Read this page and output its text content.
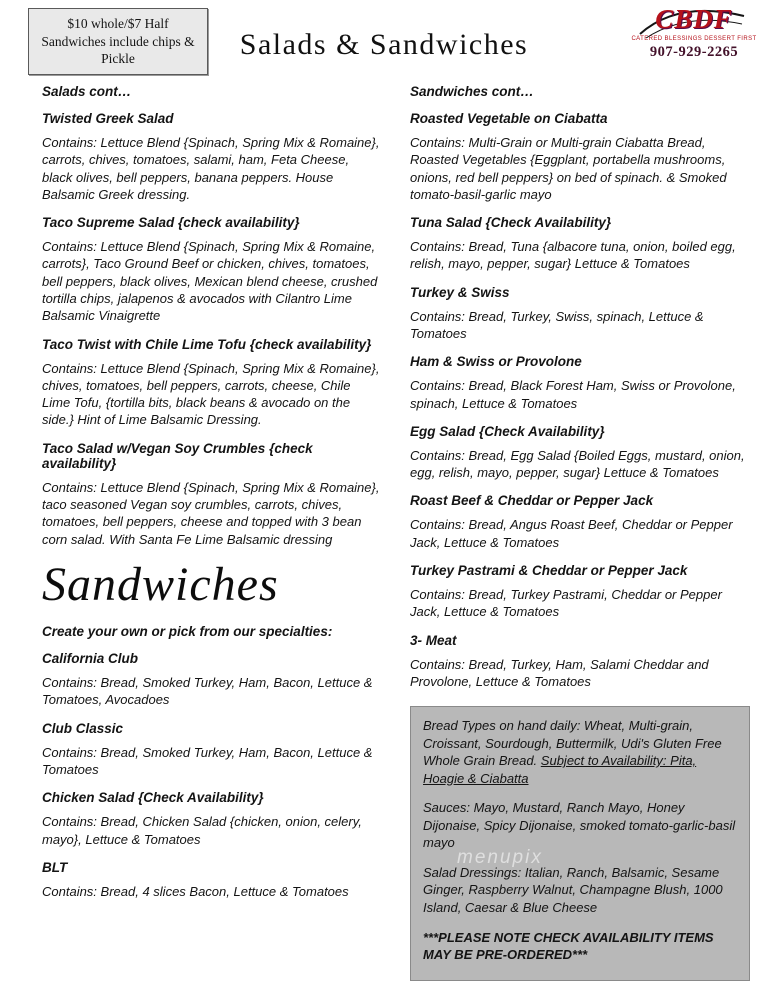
$10 whole/$7 Half Sandwiches include chips & Pickle	Salads & Sandwiches
CBDF
CATERED BLESSINGS DESSERT FIRST
907-929-2265
Salads cont…
Twisted Greek Salad
Contains: Lettuce Blend {Spinach, Spring Mix & Romaine}, carrots, chives, tomatoes, salami, ham, Feta Cheese, black olives, bell peppers, banana peppers. House Balsamic Greek dressing.
Taco Supreme Salad {check availability}
Contains: Lettuce Blend {Spinach, Spring Mix & Romaine, carrots}, Taco Ground Beef or chicken, chives, tomatoes, bell peppers, black olives, Mexican blend cheese, crushed tortilla chips, jalapenos & avocados with Cilantro Lime Balsamic Vinaigrette
Taco Twist with Chile Lime Tofu {check availability}
Contains: Lettuce Blend {Spinach, Spring Mix & Romaine}, chives, tomatoes, bell peppers, carrots, cheese, Chile Lime Tofu, {tortilla bits, black beans & avocado on the side.} Hint of Lime Balsamic Dressing.
Taco Salad w/Vegan Soy Crumbles {check availability}
Contains: Lettuce Blend {Spinach, Spring Mix & Romaine}, taco seasoned Vegan soy crumbles, carrots, chives, tomatoes, bell peppers, cheese and topped with 3 bean corn salad. With Santa Fe Lime Balsamic dressing
Sandwiches
Create your own or pick from our specialties:
California Club
Contains: Bread, Smoked Turkey, Ham, Bacon, Lettuce & Tomatoes, Avocadoes
Club Classic
Contains: Bread, Smoked Turkey, Ham, Bacon, Lettuce & Tomatoes
Chicken Salad {Check Availability}
Contains: Bread, Chicken Salad {chicken, onion, celery, mayo}, Lettuce & Tomatoes
BLT
Contains: Bread, 4 slices Bacon, Lettuce & Tomatoes
Sandwiches cont…
Roasted Vegetable on Ciabatta
Contains: Multi-Grain or Multi-grain Ciabatta Bread, Roasted Vegetables {Eggplant, portabella mushrooms, onions, red bell peppers} on bed of spinach. & Smoked tomato-basil-garlic mayo
Tuna Salad {Check Availability}
Contains: Bread, Tuna {albacore tuna, onion, boiled egg, relish, mayo, pepper, sugar} Lettuce & Tomatoes
Turkey & Swiss
Contains: Bread, Turkey, Swiss, spinach, Lettuce & Tomatoes
Ham & Swiss or Provolone
Contains: Bread, Black Forest Ham, Swiss or Provolone, spinach, Lettuce & Tomatoes
Egg Salad {Check Availability}
Contains: Bread, Egg Salad {Boiled Eggs, mustard, onion, egg, relish, mayo, pepper, sugar} Lettuce & Tomatoes
Roast Beef & Cheddar or Pepper Jack
Contains: Bread, Angus Roast Beef, Cheddar or Pepper Jack, Lettuce & Tomatoes
Turkey Pastrami & Cheddar or Pepper Jack
Contains: Bread, Turkey Pastrami, Cheddar or Pepper Jack, Lettuce & Tomatoes
3- Meat
Contains: Bread, Turkey, Ham, Salami Cheddar and Provolone, Lettuce & Tomatoes

Bread Types on hand daily: Wheat, Multi-grain, Croissant, Sourdough, Buttermilk, Udi's Gluten Free Whole Grain Bread. Subject to Availability: Pita, Hoagie & Ciabatta

Sauces: Mayo, Mustard, Ranch Mayo, Honey Dijonaise, Spicy Dijonaise, smoked tomato-garlic-basil mayo

Salad Dressings: Italian, Ranch, Balsamic, Sesame Ginger, Raspberry Walnut, Champagne Blush, 1000 Island, Caesar & Blue Cheese

***PLEASE NOTE CHECK AVAILABILITY ITEMS MAY BE PRE-ORDERED***

menupix
